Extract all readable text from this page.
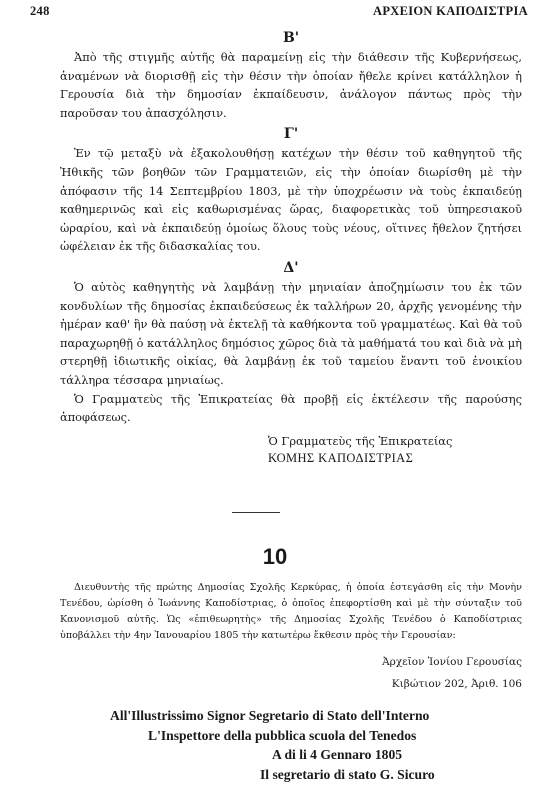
248	ΑΡΧΕΙΟΝ ΚΑΠΟΔΙΣΤΡΙΑ
Β'

Ἀπὸ τῆς στιγμῆς αὐτῆς θὰ παραμείνῃ εἰς τὴν διάθεσιν τῆς Κυβερνήσεως, ἀναμένων νὰ διορισθῇ εἰς τὴν θέσιν τὴν ὁποίαν ἤθελε κρίνει κατάλληλον ἡ Γερουσία διὰ τὴν δημοσίαν ἐκπαίδευσιν, ἀνάλογον πάντως πρὸς τὴν παροῦσαν του ἀπασχόλησιν.

Γ'

Ἐν τῷ μεταξὺ νὰ ἐξακολουθήσῃ κατέχων τὴν θέσιν τοῦ καθηγητοῦ τῆς Ἠθικῆς τῶν βοηθῶν τῶν Γραμματειῶν, εἰς τὴν ὁποίαν διωρίσθη μὲ τὴν ἀπόφασιν τῆς 14 Σεπτεμβρίου 1803, μὲ τὴν ὑποχρέωσιν νὰ τοὺς ἐκπαιδεύῃ καθημερινῶς καὶ εἰς καθωρισμένας ὥρας, διαφορετικὰς τοῦ ὑπηρεσιακοῦ ὡραρίου, καὶ νὰ ἐκπαιδεύῃ ὁμοίως ὅλους τοὺς νέους, οἵτινες ἤθελον ζητήσει ὠφέλειαν ἐκ τῆς διδασκαλίας του.

Δ'

Ὁ αὐτὸς καθηγητὴς νὰ λαμβάνῃ τὴν μηνιαίαν ἀποζημίωσιν του ἐκ τῶν κονδυλίων τῆς δημοσίας ἐκπαιδεύσεως ἐκ ταλλήρων 20, ἀρχῆς γενομένης τὴν ἡμέραν καθ' ἣν θὰ παύσῃ νὰ ἐκτελῇ τὰ καθήκοντα τοῦ γραμματέως. Καὶ θὰ τοῦ παραχωρηθῇ ὁ κατάλληλος δημόσιος χῶρος διὰ τὰ μαθήματά του καὶ διὰ νὰ μὴ στερηθῇ ἰδιωτικῆς οἰκίας, θὰ λαμβάνῃ ἐκ τοῦ ταμείου ἔναντι τοῦ ἐνοικίου τάλληρα τέσσαρα μηνιαίως.

Ὁ Γραμματεὺς τῆς Ἐπικρατείας θὰ προβῇ εἰς ἐκτέλεσιν τῆς παρούσης ἀποφάσεως.

Ὁ Γραμματεὺς τῆς Ἐπικρατείας
ΚΟΜΗΣ ΚΑΠΟΔΙΣΤΡΙΑΣ
10

Διευθυντὴς τῆς πρώτης Δημοσίας Σχολῆς Κερκύρας, ἡ ὁποία ἐστεγάσθη εἰς τὴν Μονὴν Τενέδου, ὡρίσθη ὁ Ἰωάννης Καποδίστριας, ὁ ὁποῖος ἐπεφορτίσθη καὶ μὲ τὴν σύνταξιν τοῦ Κανονισμοῦ αὐτῆς. Ὡς «ἐπιθεωρητὴς» τῆς Δημοσίας Σχολῆς Τενέδου ὁ Καποδίστριας ὑποβάλλει τὴν 4ην Ἰανουαρίου 1805 τὴν κατωτέρω ἔκθεσιν πρὸς τὴν Γερουσίαν:

Ἀρχεῖον Ἰονίου Γερουσίας
Κιβώτιον 202, Ἀριθ. 106
All'Illustrissimo Signor Segretario di Stato dell'Interno
L'Inspettore della pubblica scuola del Tenedos
A di li 4 Gennaro 1805
Il segretario di stato G. Sicuro
